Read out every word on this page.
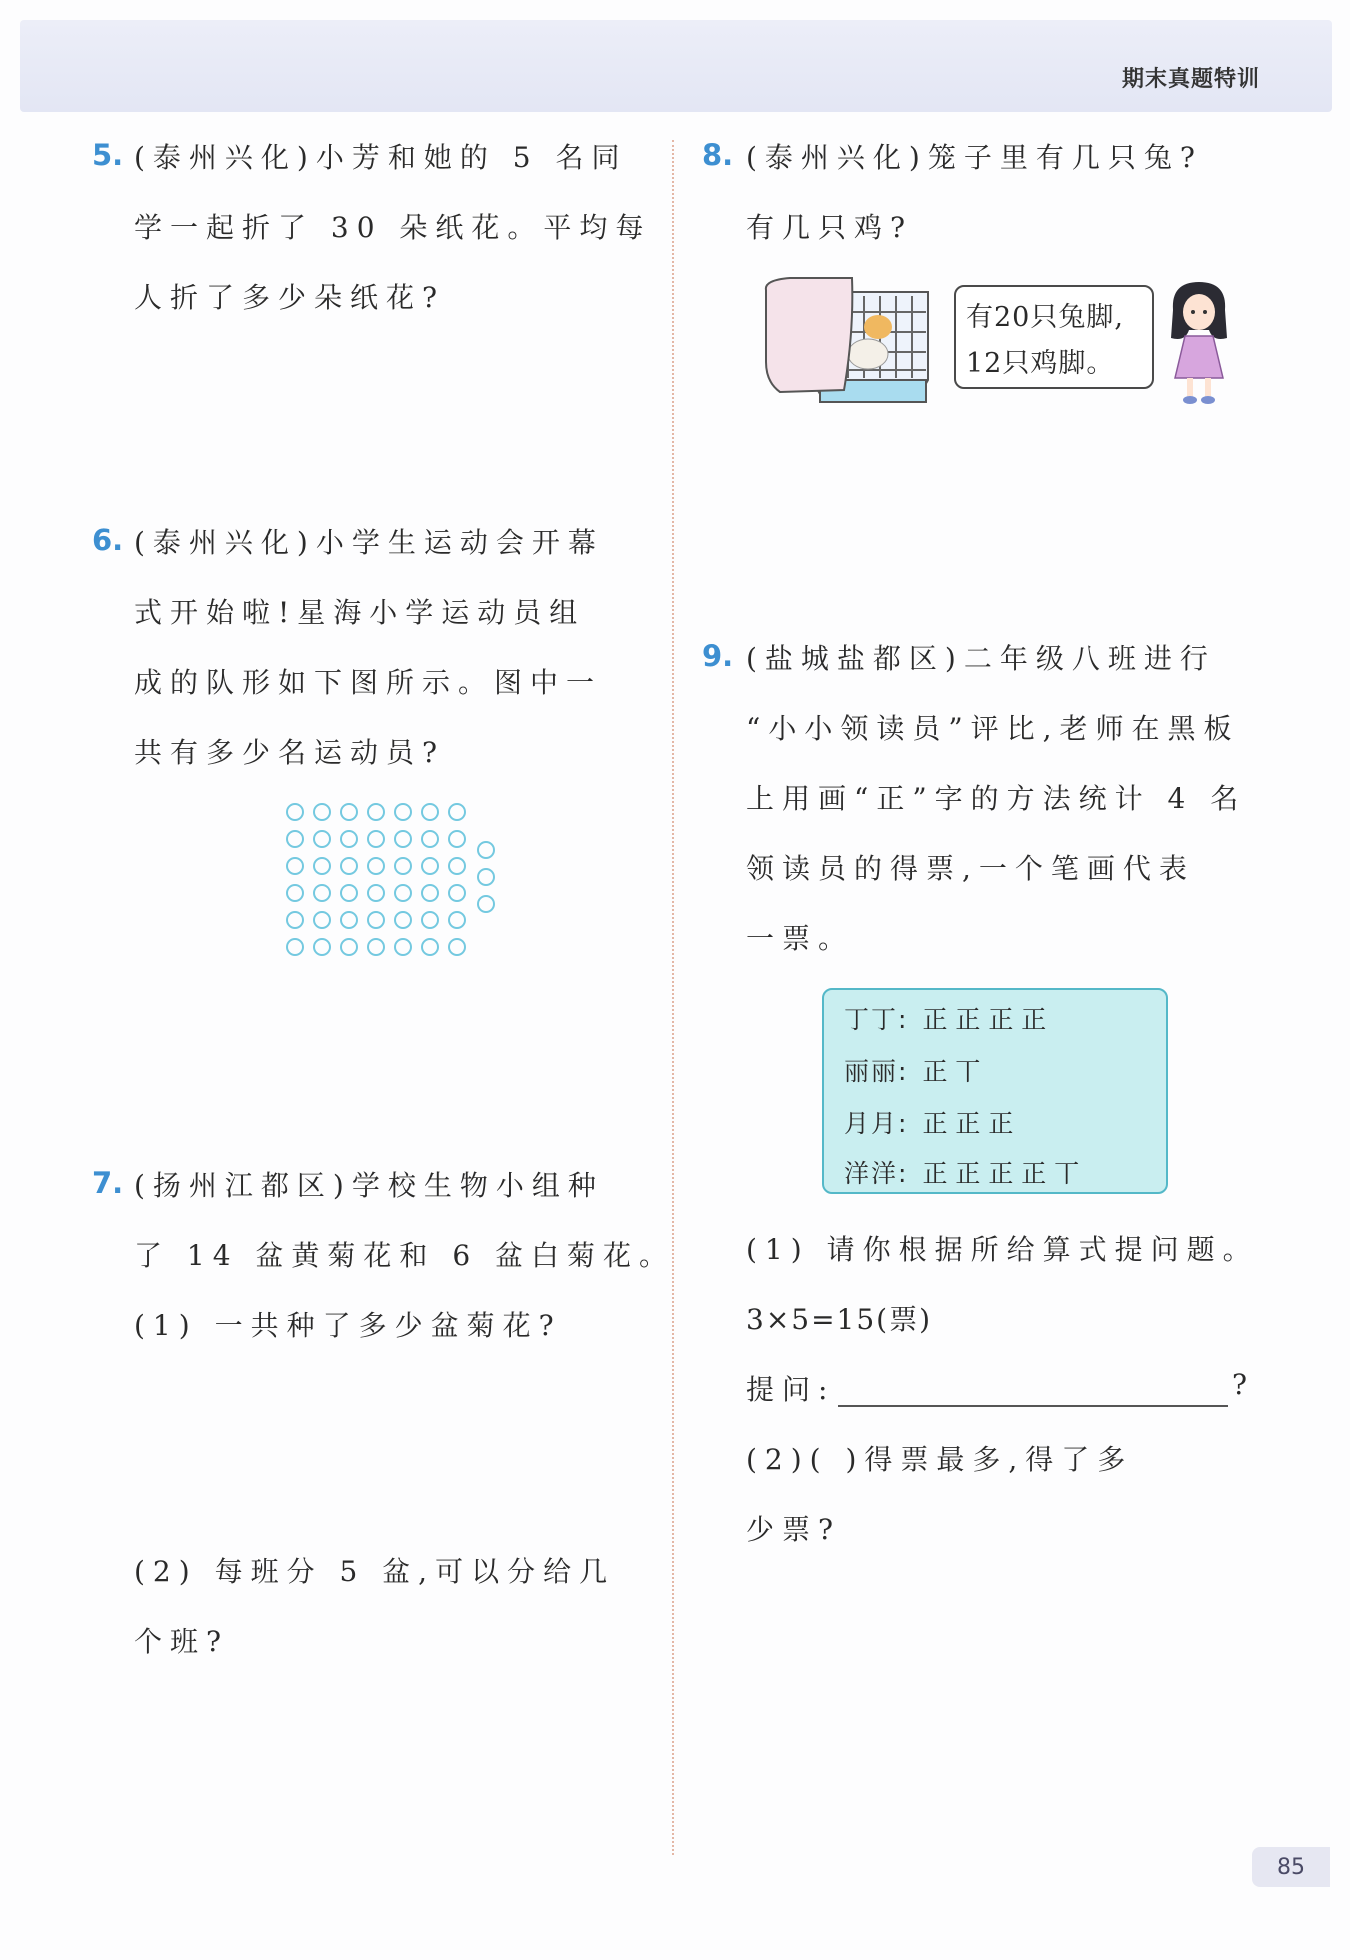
期末真题特训
5. (泰州兴化)小芳和她的 5 名同
学一起折了 30 朵纸花。平均每
人折了多少朵纸花?
6. (泰州兴化)小学生运动会开幕
式开始啦!星海小学运动员组
成的队形如下图所示。图中一
共有多少名运动员?
7. (扬州江都区)学校生物小组种
了 14 盆黄菊花和 6 盆白菊花。
(1) 一共种了多少盆菊花?
(2) 每班分 5 盆,可以分给几
个班?
8. (泰州兴化)笼子里有几只兔?
有几只鸡?
有20只兔脚,
12只鸡脚。
9. (盐城盐都区)二年级八班进行
“小小领读员”评比,老师在黑板
上用画“正”字的方法统计 4 名
领读员的得票,一个笔画代表
一票。
丁丁: 正 正 正 正
丽丽: 正 丅
月月: 正 正 正
洋洋: 正 正 正 正 丅
(1) 请你根据所给算式提问题。
3×5=15(票)
提问:	?
(2)( )得票最多,得了多
少票?
85
